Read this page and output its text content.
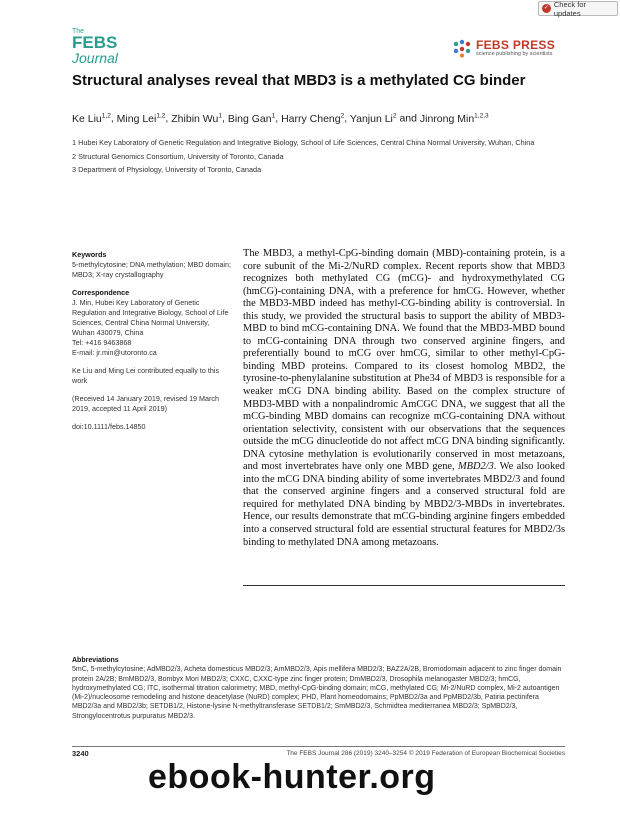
✓ Check for updates
The
FEBS
Journal
FEBS PRESS
science publishing by scientists
Structural analyses reveal that MBD3 is a methylated CG binder
Ke Liu$^{1,2}$, Ming Lei$^{1,2}$, Zhibin Wu$^1$, Bing Gan$^1$, Harry Cheng$^2$, Yanjun Li$^2$ and Jinrong Min$^{1,2,3}$
1 Hubei Key Laboratory of Genetic Regulation and Integrative Biology, School of Life Sciences, Central China Normal University, Wuhan, China
2 Structural Genomics Consortium, University of Toronto, Canada
3 Department of Physiology, University of Toronto, Canada
Keywords
5-methylcytosine; DNA methylation; MBD domain; MBD3; X-ray crystallography
Correspondence
J. Min, Hubei Key Laboratory of Genetic Regulation and Integrative Biology, School of Life Sciences, Central China Normal University, Wuhan 430079, China
Tel: +416 9463868
E-mail: jr.min@utoronto.ca
Ke Liu and Ming Lei contributed equally to this work
(Received 14 January 2019, revised 19 March 2019, accepted 11 April 2019)
doi:10.1111/febs.14850
The MBD3, a methyl-CpG-binding domain (MBD)-containing protein, is a core subunit of the Mi-2/NuRD complex. Recent reports show that MBD3 recognizes both methylated CG (mCG)- and hydroxymethylated CG (hmCG)-containing DNA, with a preference for hmCG. However, whether the MBD3-MBD indeed has methyl-CG-binding ability is controversial. In this study, we provided the structural basis to support the ability of MBD3-MBD to bind mCG-containing DNA. We found that the MBD3-MBD bound to mCG-containing DNA through two conserved arginine fingers, and preferentially bound to mCG over hmCG, similar to other methyl-CpG-binding MBD proteins. Compared to its closest homolog MBD2, the tyrosine-to-phenylalanine substitution at Phe34 of MBD3 is responsible for a weaker mCG DNA binding ability. Based on the complex structure of MBD3-MBD with a nonpalindromic AmCGC DNA, we suggest that all the mCG-binding MBD domains can recognize mCG-containing DNA without orientation selectivity, consistent with our observations that the sequences outside the mCG dinucleotide do not affect mCG DNA binding significantly. DNA cytosine methylation is evolutionarily conserved in most metazoans, and most invertebrates have only one MBD gene, MBD2/3. We also looked into the mCG DNA binding ability of some invertebrates MBD2/3 and found that the conserved arginine fingers and a conserved structural fold are required for methylated DNA binding by MBD2/3-MBDs in invertebrates. Hence, our results demonstrate that mCG-binding arginine fingers embedded into a conserved structural fold are essential structural features for MBD2/3s binding to methylated DNA among metazoans.
Abbreviations
5mC, 5-methylcytosine; AdMBD2/3, Acheta domesticus MBD2/3; AmMBD2/3, Apis mellifera MBD2/3; BAZ2A/2B, Bromodomain adjacent to zinc finger domain protein 2A/2B; BmMBD2/3, Bombyx Mori MBD2/3; CXXC, CXXC-type zinc finger protein; DmMBD2/3, Drosophila melanogaster MBD2/3; hmCG, hydroxymethylated CG; ITC, isothermal titration calorimetry; MBD, methyl-CpG-binding domain; mCG, methylated CG; Mi-2/NuRD complex, Mi-2 autoantigen (Mi-2)/nucleosome remodeling and histone deacetylase (NuRD) complex; PHD, Plant homeodomains; PpMBD2/3a and PpMBD2/3b, Patiria pectinifera MBD2/3a and MBD2/3b; SETDB1/2, Histone-lysine N-methyltransferase SETDB1/2; SmMBD2/3, Schmidtea mediterranea MBD2/3; SpMBD2/3, Strongylocentrotus purpuratus MBD2/3.
3240	The FEBS Journal 286 (2019) 3240–3254 © 2019 Federation of European Biochemical Societies
ebook-hunter.org
